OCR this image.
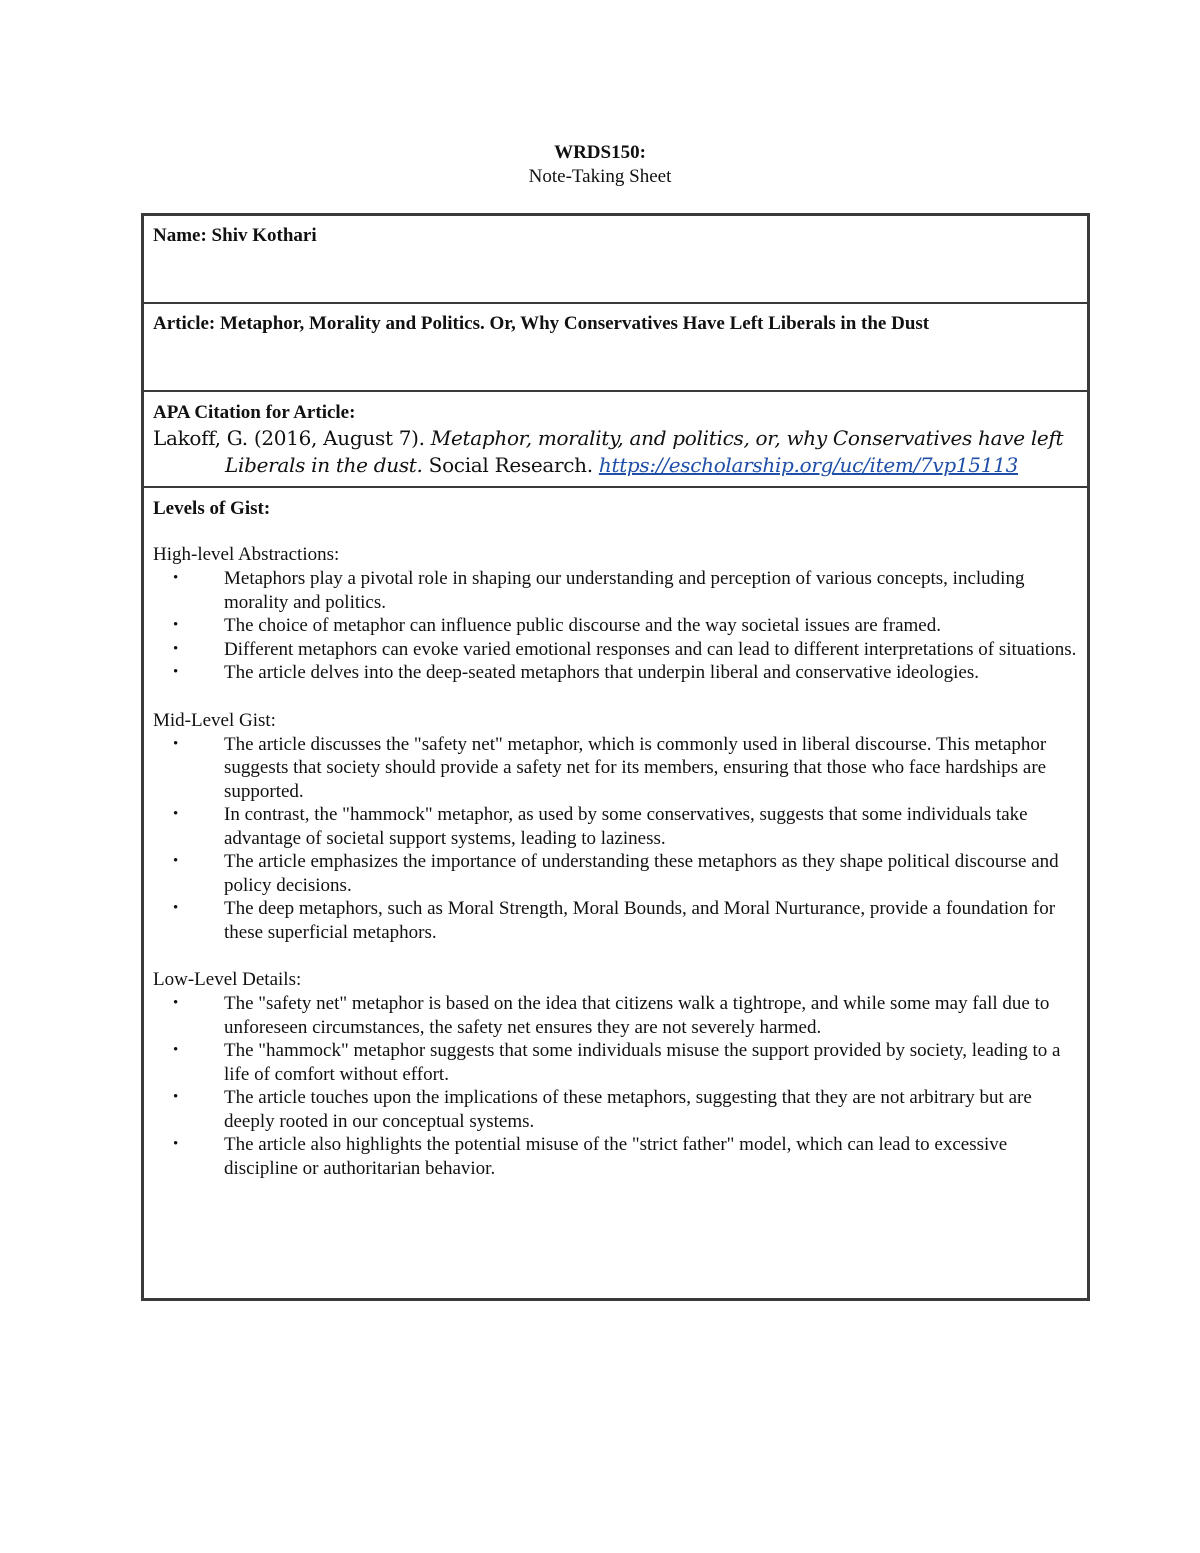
WRDS150:
Note-Taking Sheet
Name: Shiv Kothari
Article: Metaphor, Morality and Politics. Or, Why Conservatives Have Left Liberals in the Dust
APA Citation for Article:
Lakoff, G. (2016, August 7). Metaphor, morality, and politics, or, why Conservatives have left Liberals in the dust. Social Research. https://escholarship.org/uc/item/7vp15113
Levels of Gist:
High-level Abstractions:
• Metaphors play a pivotal role in shaping our understanding and perception of various concepts, including morality and politics.
• The choice of metaphor can influence public discourse and the way societal issues are framed.
• Different metaphors can evoke varied emotional responses and can lead to different interpretations of situations.
• The article delves into the deep-seated metaphors that underpin liberal and conservative ideologies.
Mid-Level Gist:
• The article discusses the "safety net" metaphor, which is commonly used in liberal discourse. This metaphor suggests that society should provide a safety net for its members, ensuring that those who face hardships are supported.
• In contrast, the "hammock" metaphor, as used by some conservatives, suggests that some individuals take advantage of societal support systems, leading to laziness.
• The article emphasizes the importance of understanding these metaphors as they shape political discourse and policy decisions.
• The deep metaphors, such as Moral Strength, Moral Bounds, and Moral Nurturance, provide a foundation for these superficial metaphors.
Low-Level Details:
• The "safety net" metaphor is based on the idea that citizens walk a tightrope, and while some may fall due to unforeseen circumstances, the safety net ensures they are not severely harmed.
• The "hammock" metaphor suggests that some individuals misuse the support provided by society, leading to a life of comfort without effort.
• The article touches upon the implications of these metaphors, suggesting that they are not arbitrary but are deeply rooted in our conceptual systems.
• The article also highlights the potential misuse of the "strict father" model, which can lead to excessive discipline or authoritarian behavior.
